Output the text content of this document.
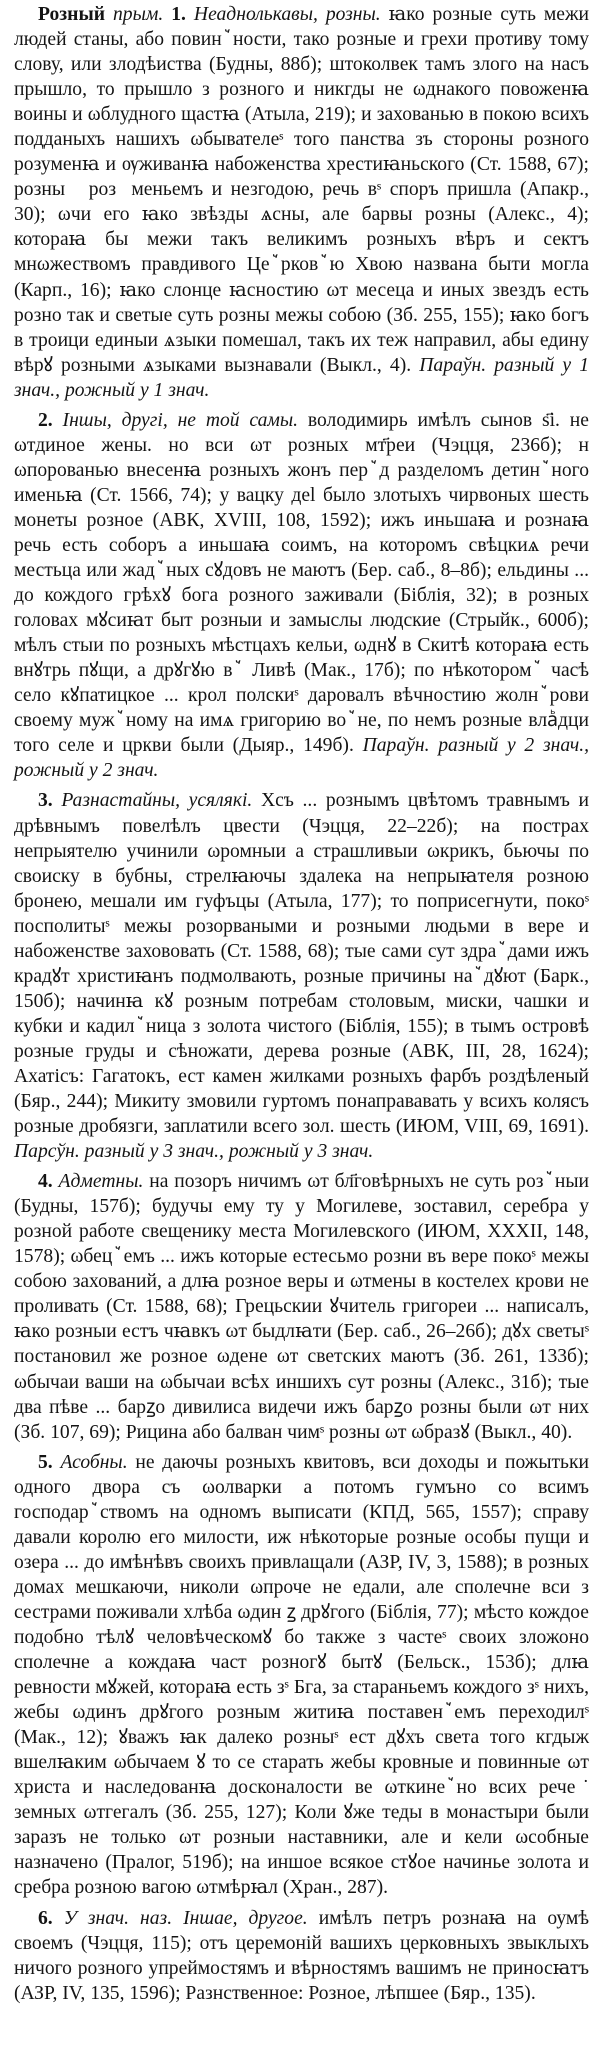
Розный прым. 1. Неаднолькавы, розны. ꙗко розные суть межи людей станы, або повинꙿности, тако розные и грехи противу тому слову, или злодѣиства (Будны, 88б); штоколвек тамъ злого на насъ прышло, то прышло з розного и никгды не ωднакого повоженꙗ воины и ωблудного щастꙗ (Атыла, 219); и захованью в покою всихъ подданыхъ нашихъ ωбывателеˢ того панства зъ стороны розного розуменꙗ и ѹживанꙗ набоженства хрестиꙗньского (Ст. 1588, 67); розныⷨ розꙿменьемъ и незгодою, речь вˢ споръ пришла (Апакр., 30); ωчи его ꙗко звѣзды ѧсны, але барвы розны (Алекс., 4); котораꙗ бы межи такъ великимъ розныхъ вѣръ и сектъ мнωжествомъ правдивого Цеꙿрковꙿю Хвою названа быти могла (Карп., 16); ꙗко слонце ꙗсностию ωт месеца и иных звездъ есть розно так и светые суть розны межы собою (Зб. 255, 155); ꙗко богъ в троици единыи ѧзыки помешал, такъ их теж направил, абы едину вѣрꙋ розными ѧзыками вызнавали (Выкл., 4). Параўн. разный у 1 знач., рожный у 1 знач.

2. Іншы, другі, не той самы. володимирь имѣлъ сынов ѕ҃і. не ωтдиное жены. но вси ωт розных мт҃реи (Чэцця, 236б); н ωпорованью внесенꙗ розныхъ жонъ перꙿд разделомъ детинꙿного именьꙗ (Ст. 1566, 74); у вацку деl было злотыхъ чирвоных шесть монеты розное (АВК, XVIII, 108, 1592); ижъ иньшаꙗ и рознаꙗ речь есть соборъ а иньшаꙗ соимъ, на которомъ свѣцкиѧ речи местьца или жадꙿных сꙋдовъ не маютъ (Бер. саб., 8–8б); ельдины ... до кождого грѣхꙋ бога розного заживали (Біблія, 32); в розных головах мꙋсиꙗт быт розныи и замыслы людские (Стрыйк., 600б); мѣлъ стыи по розныхъ мѣстцахъ кельи, ωднꙋ в Скитѣ котораꙗ есть внꙋтрь пꙋщи, а дрꙋгꙋю вꙿ Ливѣ (Мак., 17б); по нѣкоторомꙿ часѣ село кꙋпатицкое ... крол полскиˢ даровалъ вѣчностию жолнꙿрови своему мужꙿному на имѧ григорию воꙿне, по немъ розные влаꙺдци того селе и цркви были (Дыяр., 149б). Параўн. разный у 2 знач., рожный у 2 знач.

3. Разнастайны, усялякі. Хсъ ... рознымъ цвѣтомъ травнымъ и дрѣвнымъ повелѣлъ цвести (Чэцця, 22–22б); на пострах непрыятелю учинили ωромныи а страшливыи ωкрикъ, бьючы по своиску в бубны, стрелꙗючы здалека на непрыꙗтеля розною бронею, мешали им гуфъцы (Атыла, 177); то поприсегнути, покоˢ посполитыˢ межы розорваными и розными людьми в вере и набоженстве захововать (Ст. 1588, 68); тые сами сут здраꙿдами ижъ крадꙋт христиꙗнъ подмолвають, розные причины наꙿдꙋют (Барк., 150б); начинꙗ кꙋ розным потребам столовым, миски, чашки и кубки и кадилꙿница з золота чистого (Біблія, 155); в тымъ островѣ розные груды и сѣножати, дерева розные (АВК, III, 28, 1624); Ахатісъ: Гагатокъ, ест камен жилками розныхъ фарбъ роздѣленый (Бяр., 244); Микиту змовили гуртомъ понаправавать у всихъ колясъ розные дробязги, заплатили всего зол. шесть (ИЮМ, VIII, 69, 1691). Парсўн. разный у 3 знач., рожный у 3 знач.

4. Адметны. на позоръ ничимъ ωт бл҃говѣрныхъ не суть розꙿныи (Будны, 157б); будучы ему ту у Могилеве, зоставил, серебра у розной работе свещенику места Могилевского (ИЮМ, XXXII, 148, 1578); ωбецꙿемъ ... ижъ которые естесьмо розни въ вере покоˢ межы собою захований, а длꙗ розное веры и ωтмены в костелех крови не проливать (Ст. 1588, 68); Грецьскии ꙋчитель григореи ... написалъ, ꙗко розныи естъ чꙗвкъ ωт быдлꙗти (Бер. саб., 26–26б); дꙋх светыˢ постановил же розное ωдене ωт светских маютъ (Зб. 261, 133б); ωбычаи ваши на ωбычаи всѣх иншихъ сут розны (Алекс., 31б); тые два пѣве ... барꙁо дивилиса видечи ижъ барꙁо розны были ωт них (Зб. 107, 69); Рицина або балван чимˢ розны ωт ωбразꙋ (Выкл., 40).

5. Асобны. не даючы розныхъ квитовъ, вси доходы и пожытьки одного двора съ ωолварки а потомъ гумъно со всимъ господарꙿствомъ на одномъ выписати (КПД, 565, 1557); справу давали королю его милости, иж нѣкоторые розные особы пущи и озера ... до имѣнѣвъ своихъ привлащали (АЗР, IV, 3, 1588); в розных домах мешкаючи, николи ωпроче не едали, але сполечне вси з сестрами поживали хлѣба ωдин ꙁ дрꙋгого (Біблія, 77); мѣсто кождое подобно тѣлꙋ человѣческомꙋ бо также з частеˢ своих зложоно сполечне а кождаꙗ част розногꙋ бытꙋ (Бельск., 153б); длꙗ ревности мꙋжей, котораꙗ есть зˢ Бга, за стараньемъ кождого зˢ нихъ, жебы ωдинъ дрꙋгого розным житиꙗ поставенꙿемъ переходилˢ (Мак., 12); ꙋважъ ꙗк далеко розныˢ ест дꙋхъ света того кгдыж вшелꙗким ωбычаем ꙋ то се старать жебы кровные и повинные ωт христа и наследованꙗ досконалости ве ωткинеꙿно всих рече˙ земных ωтгегалъ (Зб. 255, 127); Коли ꙋже теды в монастыри были заразъ не только ωт розныи наставники, але и кели ωсобные назначено (Пралог, 519б); на иншое всякое стꙋое начинье золота и сребра розною вагою ωтмѣрꙗл (Хран., 287).

6. У знач. наз. Іншае, другое. имѣлъ петръ рознаꙗ на оумѣ своемъ (Чэцця, 115); отъ церемоній вашихъ церковныхъ звыклыхъ ничого розного упреймостямъ и вѣрностямъ вашимъ не приносꙗтъ (АЗР, IV, 135, 1596); Разнственное: Розное, лѣпшее (Бяр., 135).
